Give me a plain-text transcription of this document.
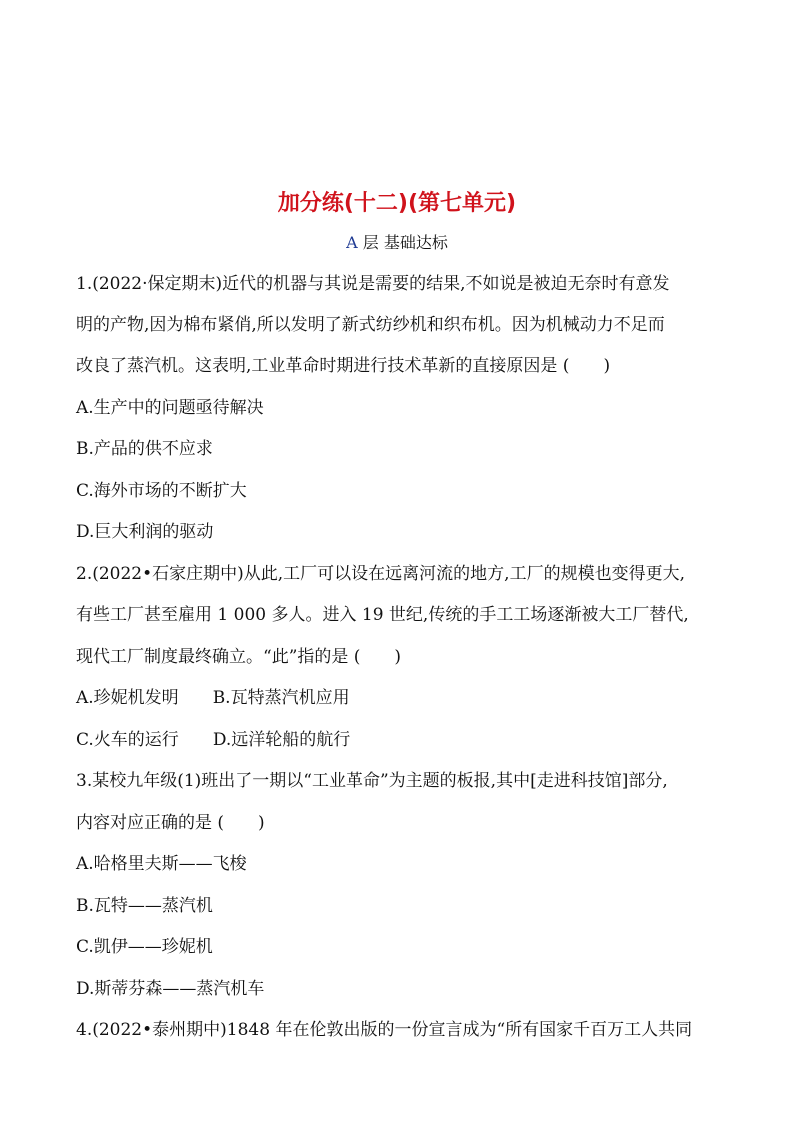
加分练(十二)(第七单元)
A 层 基础达标
1.(2022·保定期末)近代的机器与其说是需要的结果,不如说是被迫无奈时有意发
明的产物,因为棉布紧俏,所以发明了新式纺纱机和织布机。因为机械动力不足而
改良了蒸汽机。这表明,工业革命时期进行技术革新的直接原因是 (　　)
A.生产中的问题亟待解决
B.产品的供不应求
C.海外市场的不断扩大
D.巨大利润的驱动
2.(2022•石家庄期中)从此,工厂可以设在远离河流的地方,工厂的规模也变得更大,
有些工厂甚至雇用 1 000 多人。进入 19 世纪,传统的手工工场逐渐被大工厂替代,
现代工厂制度最终确立。“此”指的是 (　　)
A.珍妮机发明 B.瓦特蒸汽机应用
C.火车的运行 D.远洋轮船的航行
3.某校九年级(1)班出了一期以“工业革命”为主题的板报,其中[走进科技馆]部分,
内容对应正确的是 (　　)
A.哈格里夫斯——飞梭
B.瓦特——蒸汽机
C.凯伊——珍妮机
D.斯蒂芬森——蒸汽机车
4.(2022•泰州期中)1848 年在伦敦出版的一份宣言成为“所有国家千百万工人共同
